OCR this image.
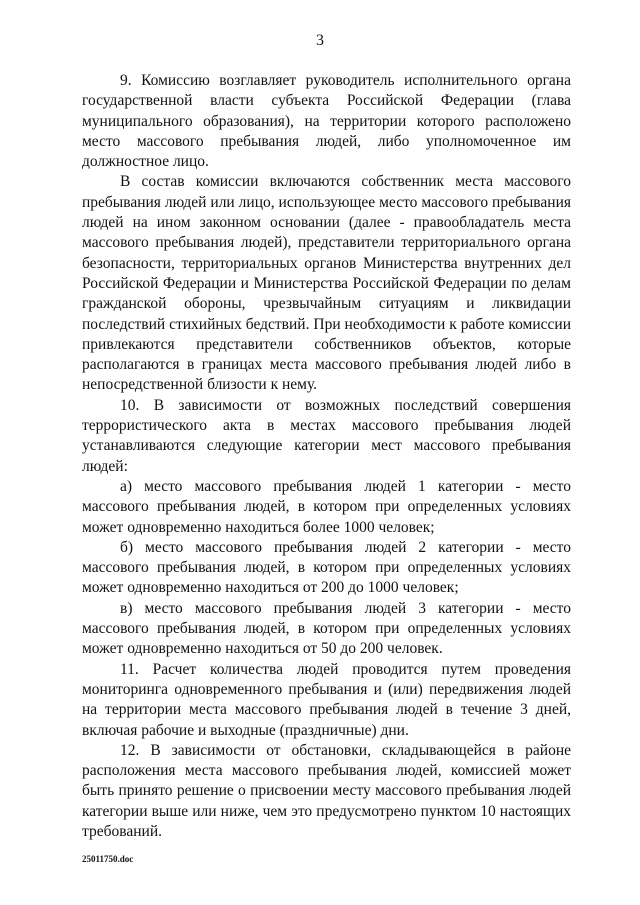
3

9. Комиссию возглавляет руководитель исполнительного органа государственной власти субъекта Российской Федерации (глава муниципального образования), на территории которого расположено место массового пребывания людей, либо уполномоченное им должностное лицо.

В состав комиссии включаются собственник места массового пребывания людей или лицо, использующее место массового пребывания людей на ином законном основании (далее - правообладатель места массового пребывания людей), представители территориального органа безопасности, территориальных органов Министерства внутренних дел Российской Федерации и Министерства Российской Федерации по делам гражданской обороны, чрезвычайным ситуациям и ликвидации последствий стихийных бедствий. При необходимости к работе комиссии привлекаются представители собственников объектов, которые располагаются в границах места массового пребывания людей либо в непосредственной близости к нему.

10. В зависимости от возможных последствий совершения террористического акта в местах массового пребывания людей устанавливаются следующие категории мест массового пребывания людей:

а) место массового пребывания людей 1 категории - место массового пребывания людей, в котором при определенных условиях может одновременно находиться более 1000 человек;

б) место массового пребывания людей 2 категории - место массового пребывания людей, в котором при определенных условиях может одновременно находиться от 200 до 1000 человек;

в) место массового пребывания людей 3 категории - место массового пребывания людей, в котором при определенных условиях может одновременно находиться от 50 до 200 человек.

11. Расчет количества людей проводится путем проведения мониторинга одновременного пребывания и (или) передвижения людей на территории места массового пребывания людей в течение 3 дней, включая рабочие и выходные (праздничные) дни.

12. В зависимости от обстановки, складывающейся в районе расположения места массового пребывания людей, комиссией может быть принято решение о присвоении месту массового пребывания людей категории выше или ниже, чем это предусмотрено пунктом 10 настоящих требований.

25011750.doc
